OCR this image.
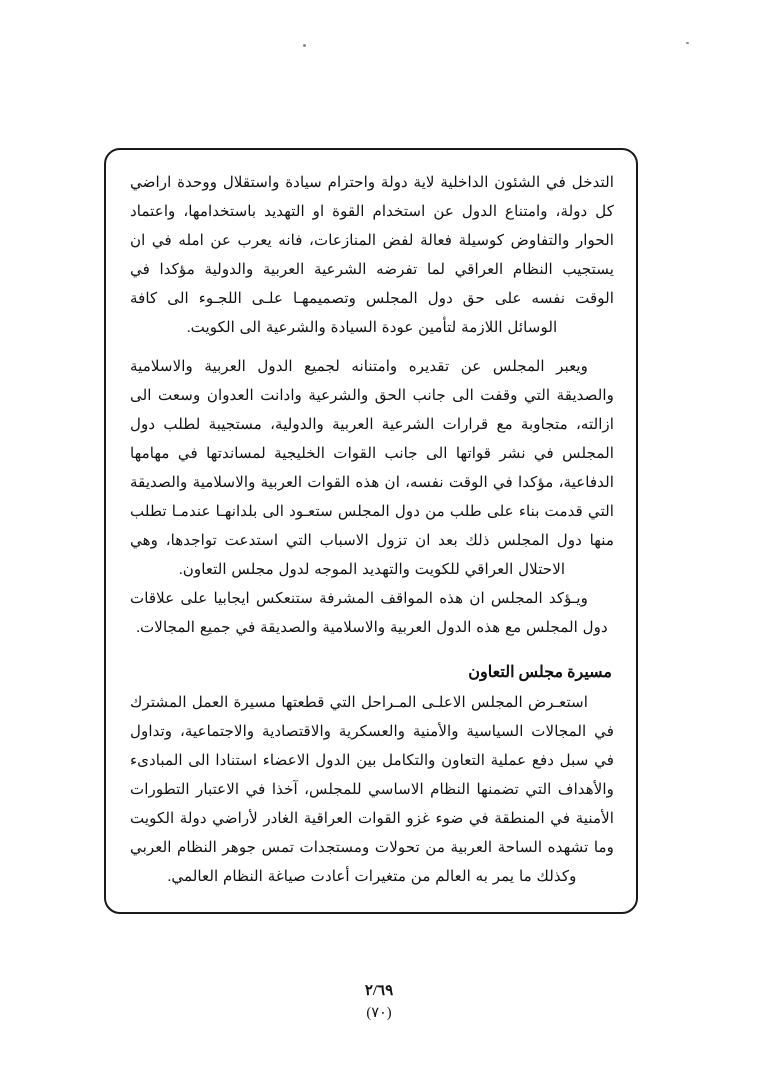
التدخل في الشئون الداخلية لاية دولة واحترام سيادة واستقلال ووحدة اراضي كل دولة، وامتناع الدول عن استخدام القوة او التهديد باستخدامها، واعتماد الحوار والتفاوض كوسيلة فعالة لفض المنازعات، فانه يعرب عن امله في ان يستجيب النظام العراقي لما تفرضه الشرعية العربية والدولية مؤكدا في الوقت نفسه على حق دول المجلس وتصميمهـا علـى اللجـوء الى كافة الوسائل اللازمة لتأمين عودة السيادة والشرعية الى الكويت.

ويعبر المجلس عن تقديره وامتنانه لجميع الدول العربية والاسلامية والصديقة التي وقفت الى جانب الحق والشرعية وادانت العدوان وسعت الى ازالته، متجاوبة مع قرارات الشرعية العربية والدولية، مستجيبة لطلب دول المجلس في نشر قواتها الى جانب القوات الخليجية لمساندتها في مهامها الدفاعية، مؤكدا في الوقت نفسه، ان هذه القوات العربية والاسلامية والصديقة التي قدمت بناء على طلب من دول المجلس ستعـود الى بلدانهـا عندمـا تطلب منها دول المجلس ذلك بعد ان تزول الاسباب التي استدعت تواجدها، وهي الاحتلال العراقي للكويت والتهديد الموجه لدول مجلس التعاون.

ويـؤكد المجلس ان هذه المواقف المشرفة ستنعكس ايجابيا على علاقات دول المجلس مع هذه الدول العربية والاسلامية والصديقة في جميع المجالات.

مسيرة مجلس التعاون

استعـرض المجلس الاعلـى المـراحل التي قطعتها مسيرة العمل المشترك في المجالات السياسية والأمنية والعسكرية والاقتصادية والاجتماعية، وتداول في سبل دفع عملية التعاون والتكامل بين الدول الاعضاء استنادا الى المبادىء والأهداف التي تضمنها النظام الاساسي للمجلس، آخذا في الاعتبار التطورات الأمنية في المنطقة في ضوء غزو القوات العراقية الغادر لأراضي دولة الكويت وما تشهده الساحة العربية من تحولات ومستجدات تمس جوهر النظام العربي وكذلك ما يمر به العالم من متغيرات أعادت صياغة النظام العالمي.

٢/٦٩
(٧٠)
